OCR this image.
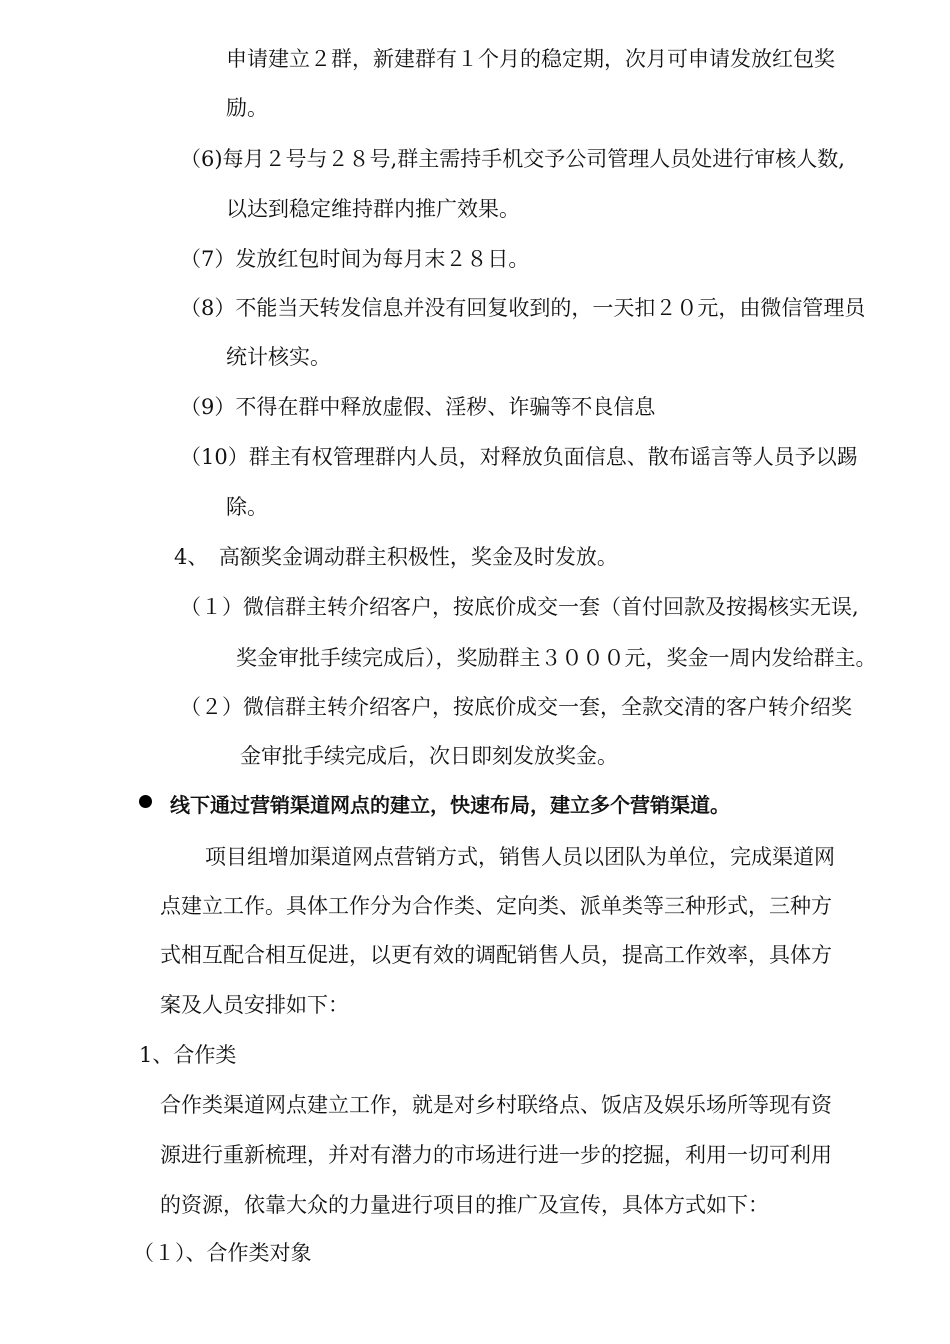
申请建立２群，新建群有１个月的稳定期，次月可申请发放红包奖

励。

（6)每月２号与２８号,群主需持手机交予公司管理人员处进行审核人数,

以达到稳定维持群内推广效果。

（7）发放红包时间为每月末２８日。

（8）不能当天转发信息并没有回复收到的，一天扣２０元，由微信管理员

统计核实。

（9）不得在群中释放虚假、淫秽、诈骗等不良信息

（10）群主有权管理群内人员，对释放负面信息、散布谣言等人员予以踢

除。

4、　高额奖金调动群主积极性，奖金及时发放。

（１）微信群主转介绍客户，按底价成交一套（首付回款及按揭核实无误,

奖金审批手续完成后），奖励群主３０００元，奖金一周内发给群主。

（２）微信群主转介绍客户，按底价成交一套，全款交清的客户转介绍奖

金审批手续完成后，次日即刻发放奖金。

线下通过营销渠道网点的建立，快速布局，建立多个营销渠道。

项目组增加渠道网点营销方式，销售人员以团队为单位，完成渠道网

点建立工作。具体工作分为合作类、定向类、派单类等三种形式，三种方

式相互配合相互促进，以更有效的调配销售人员，提高工作效率，具体方

案及人员安排如下：

1、合作类

合作类渠道网点建立工作，就是对乡村联络点、饭店及娱乐场所等现有资

源进行重新梳理，并对有潜力的市场进行进一步的挖掘，利用一切可利用

的资源，依靠大众的力量进行项目的推广及宣传，具体方式如下：

（１）、合作类对象
